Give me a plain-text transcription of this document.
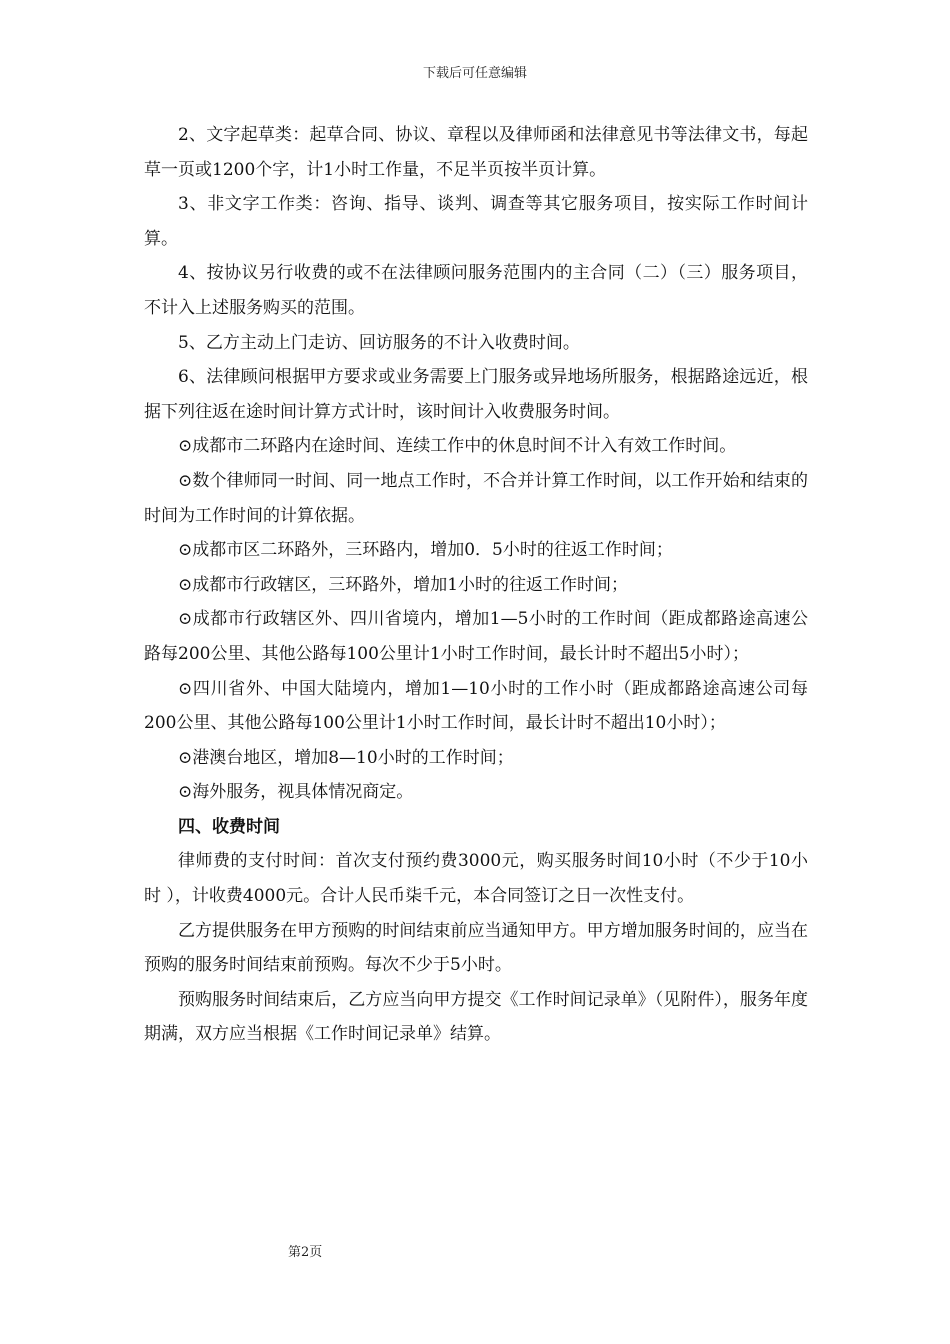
下载后可任意编辑

2、文字起草类：起草合同、协议、章程以及律师函和法律意见书等法律文书，每起草一页或1200个字，计1小时工作量，不足半页按半页计算。

3、非文字工作类：咨询、指导、谈判、调查等其它服务项目，按实际工作时间计算。

4、按协议另行收费的或不在法律顾问服务范围内的主合同（二）（三）服务项目，不计入上述服务购买的范围。

5、乙方主动上门走访、回访服务的不计入收费时间。

6、法律顾问根据甲方要求或业务需要上门服务或异地场所服务，根据路途远近，根据下列往返在途时间计算方式计时，该时间计入收费服务时间。

⊙成都市二环路内在途时间、连续工作中的休息时间不计入有效工作时间。

⊙数个律师同一时间、同一地点工作时，不合并计算工作时间，以工作开始和结束的时间为工作时间的计算依据。

⊙成都市区二环路外，三环路内，增加0．5小时的往返工作时间；

⊙成都市行政辖区，三环路外，增加1小时的往返工作时间；

⊙成都市行政辖区外、四川省境内，增加1—5小时的工作时间（距成都路途高速公路每200公里、其他公路每100公里计1小时工作时间，最长计时不超出5小时）；

⊙四川省外、中国大陆境内，增加1—10小时的工作小时（距成都路途高速公司每200公里、其他公路每100公里计1小时工作时间，最长计时不超出10小时）；

⊙港澳台地区，增加8—10小时的工作时间；

⊙海外服务，视具体情况商定。

四、收费时间

律师费的支付时间：首次支付预约费3000元，购买服务时间10小时（不少于10小时 ），计收费4000元。合计人民币柒千元，本合同签订之日一次性支付。

乙方提供服务在甲方预购的时间结束前应当通知甲方。甲方增加服务时间的，应当在预购的服务时间结束前预购。每次不少于5小时。

预购服务时间结束后，乙方应当向甲方提交《工作时间记录单》（见附件），服务年度期满，双方应当根据《工作时间记录单》结算。

第2页
